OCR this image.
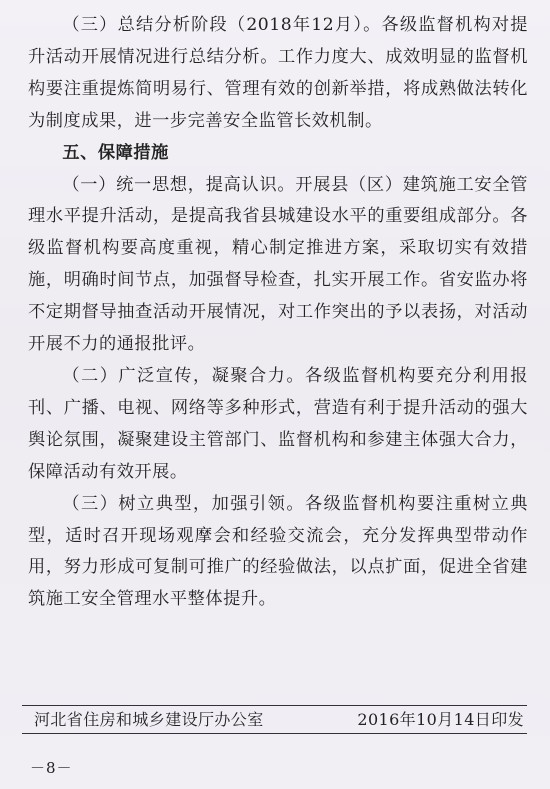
（三）总结分析阶段（2018年12月）。各级监督机构对提升活动开展情况进行总结分析。工作力度大、成效明显的监督机构要注重提炼简明易行、管理有效的创新举措，将成熟做法转化为制度成果，进一步完善安全监管长效机制。

五、保障措施

（一）统一思想，提高认识。开展县（区）建筑施工安全管理水平提升活动，是提高我省县城建设水平的重要组成部分。各级监督机构要高度重视，精心制定推进方案，采取切实有效措施，明确时间节点，加强督导检查，扎实开展工作。省安监办将不定期督导抽查活动开展情况，对工作突出的予以表扬，对活动开展不力的通报批评。

（二）广泛宣传，凝聚合力。各级监督机构要充分利用报刊、广播、电视、网络等多种形式，营造有利于提升活动的强大舆论氛围，凝聚建设主管部门、监督机构和参建主体强大合力，保障活动有效开展。

（三）树立典型，加强引领。各级监督机构要注重树立典型，适时召开现场观摩会和经验交流会，充分发挥典型带动作用，努力形成可复制可推广的经验做法，以点扩面，促进全省建筑施工安全管理水平整体提升。

河北省住房和城乡建设厅办公室	2016年10月14日印发
－8－
